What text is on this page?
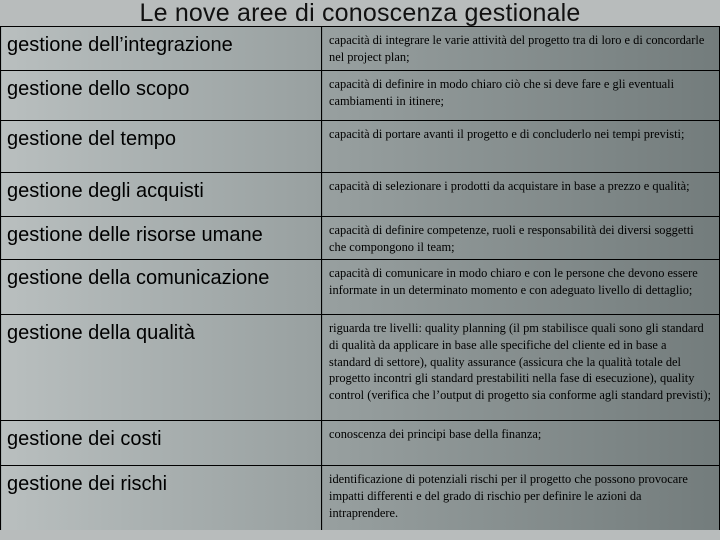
Le nove aree di conoscenza gestionale
gestione dell’integrazione	capacità di integrare le varie attività del progetto tra di loro e di concordarle nel project plan;
gestione dello scopo	capacità di definire in modo chiaro ciò che si deve fare e gli eventuali cambiamenti in itinere;
gestione del tempo	capacità di portare avanti il progetto e di concluderlo nei tempi previsti;
gestione degli acquisti	capacità di selezionare i prodotti da acquistare in base a prezzo e qualità;
gestione delle risorse umane	capacità di definire competenze, ruoli e responsabilità dei diversi soggetti che compongono il team;
gestione della comunicazione	capacità di comunicare in modo chiaro e con le persone che devono essere informate in un determinato momento e con adeguato livello di dettaglio;
gestione della qualità	riguarda tre livelli: quality planning (il pm stabilisce quali sono gli standard di qualità da applicare in base alle specifiche del cliente ed in base a standard di settore), quality assurance (assicura che la qualità totale del progetto incontri gli standard prestabiliti nella fase di esecuzione), quality control (verifica che l’output di progetto sia conforme agli standard previsti);
gestione dei costi	conoscenza dei principi base della finanza;
gestione dei rischi	identificazione di potenziali rischi per il progetto che possono provocare impatti differenti e del grado di rischio per definire le azioni da intraprendere.
